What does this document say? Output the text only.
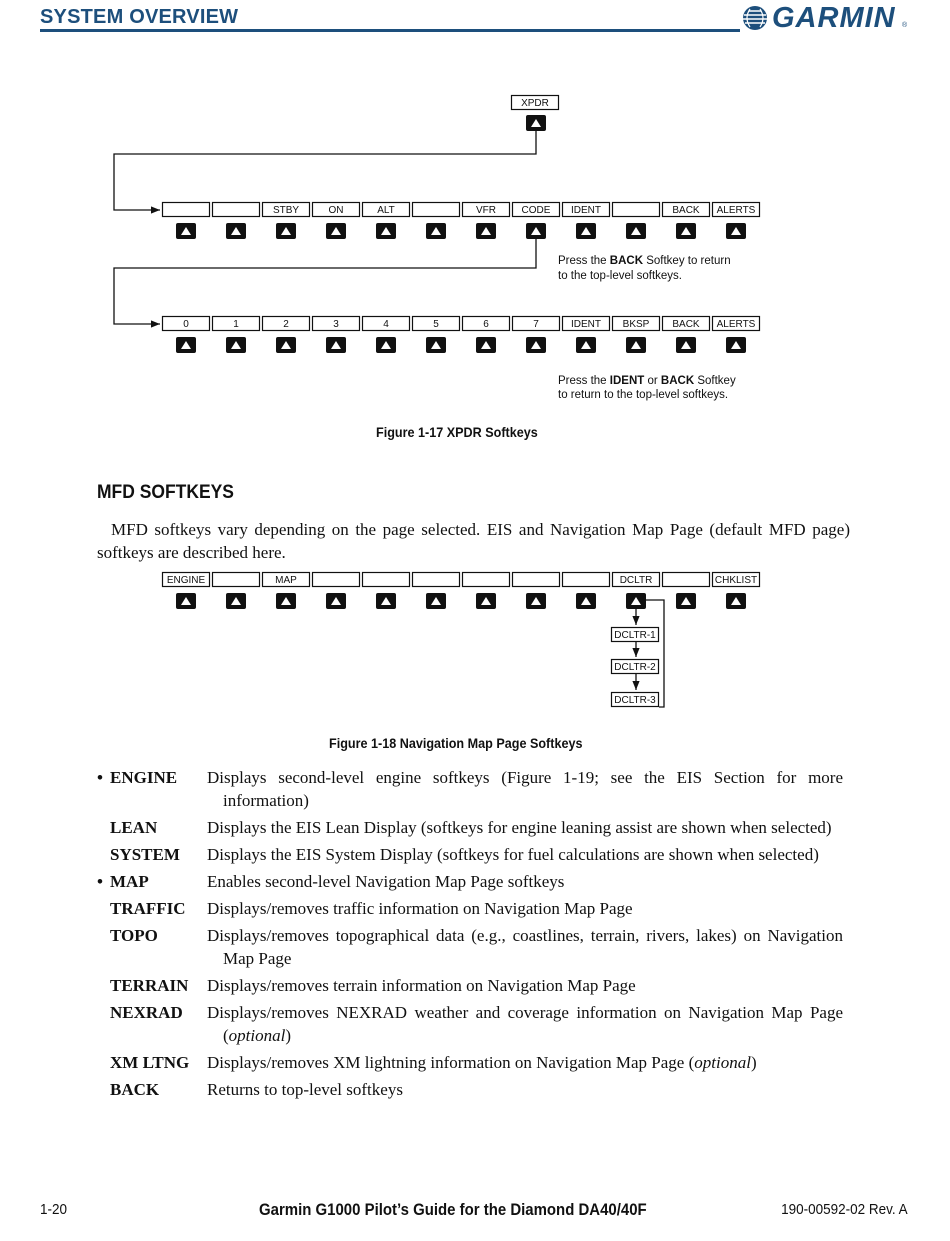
SYSTEM OVERVIEW	GARMIN ®
XPDR
STBY	ON	ALT	VFR	CODE IDENT	BACK ALERTS
0	1	2	3	4	5	6	7	IDENT BKSP BACK ALERTS
Press the BACK Softkey to return
to the top-level softkeys.
Press the IDENT or BACK Softkey
to return to the top-level softkeys.
ENGINE	MAP	DCLTR	CHKLIST
DCLTR-1
DCLTR-2
DCLTR-3
Figure 1-17 XPDR Softkeys
MFD SOFTKEYS
MFD softkeys vary depending on the page selected. EIS and Navigation Map Page (default MFD page) softkeys are described here.
Figure 1-18 Navigation Map Page Softkeys
• ENGINE Displays second-level engine softkeys (Figure 1-19; see the EIS Section for more information)
LEAN	Displays the EIS Lean Display (softkeys for engine leaning assist are shown when selected)
SYSTEM Displays the EIS System Display (softkeys for fuel calculations are shown when selected)
• MAP	Enables second-level Navigation Map Page softkeys
TRAFFIC Displays/removes traffic information on Navigation Map Page
TOPO	Displays/removes topographical data (e.g., coastlines, terrain, rivers, lakes) on Navigation Map Page
TERRAIN Displays/removes terrain information on Navigation Map Page
NEXRAD Displays/removes NEXRAD weather and coverage information on Navigation Map Page (optional)
XM LTNG Displays/removes XM lightning information on Navigation Map Page (optional)
BACK	Returns to top-level softkeys
1-20	Garmin G1000 Pilot’s Guide for the Diamond DA40/40F	190-00592-02 Rev. A
